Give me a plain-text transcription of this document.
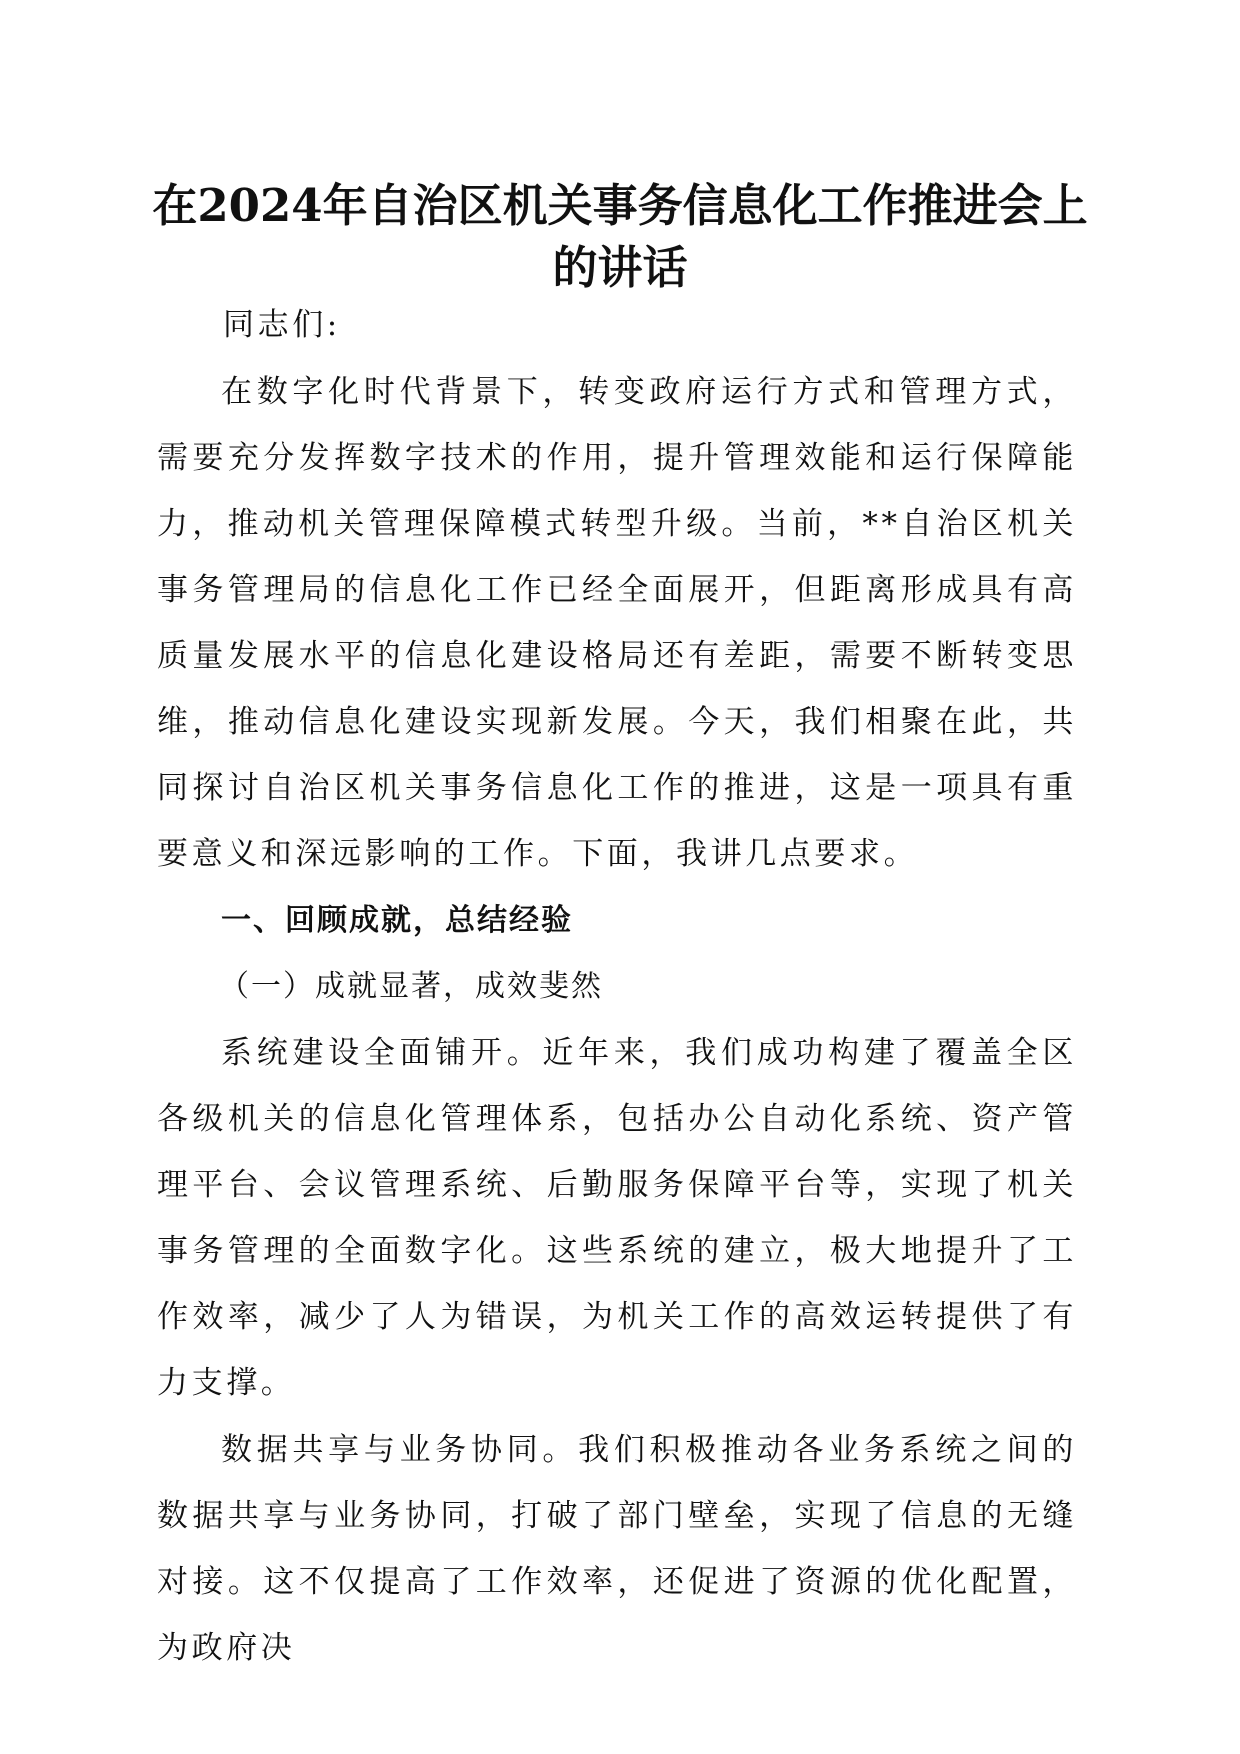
在2024年自治区机关事务信息化工作推进会上的讲话

同志们:

在数字化时代背景下，转变政府运行方式和管理方式，需要充分发挥数字技术的作用，提升管理效能和运行保障能力，推动机关管理保障模式转型升级。当前，**自治区机关事务管理局的信息化工作已经全面展开，但距离形成具有高质量发展水平的信息化建设格局还有差距，需要不断转变思维，推动信息化建设实现新发展。今天，我们相聚在此，共同探讨自治区机关事务信息化工作的推进，这是一项具有重要意义和深远影响的工作。下面，我讲几点要求。

一、回顾成就，总结经验

（一）成就显著，成效斐然

系统建设全面铺开。近年来，我们成功构建了覆盖全区各级机关的信息化管理体系，包括办公自动化系统、资产管理平台、会议管理系统、后勤服务保障平台等，实现了机关事务管理的全面数字化。这些系统的建立，极大地提升了工作效率，减少了人为错误，为机关工作的高效运转提供了有力支撑。

数据共享与业务协同。我们积极推动各业务系统之间的数据共享与业务协同，打破了部门壁垒，实现了信息的无缝对接。这不仅提高了工作效率，还促进了资源的优化配置，为政府决
